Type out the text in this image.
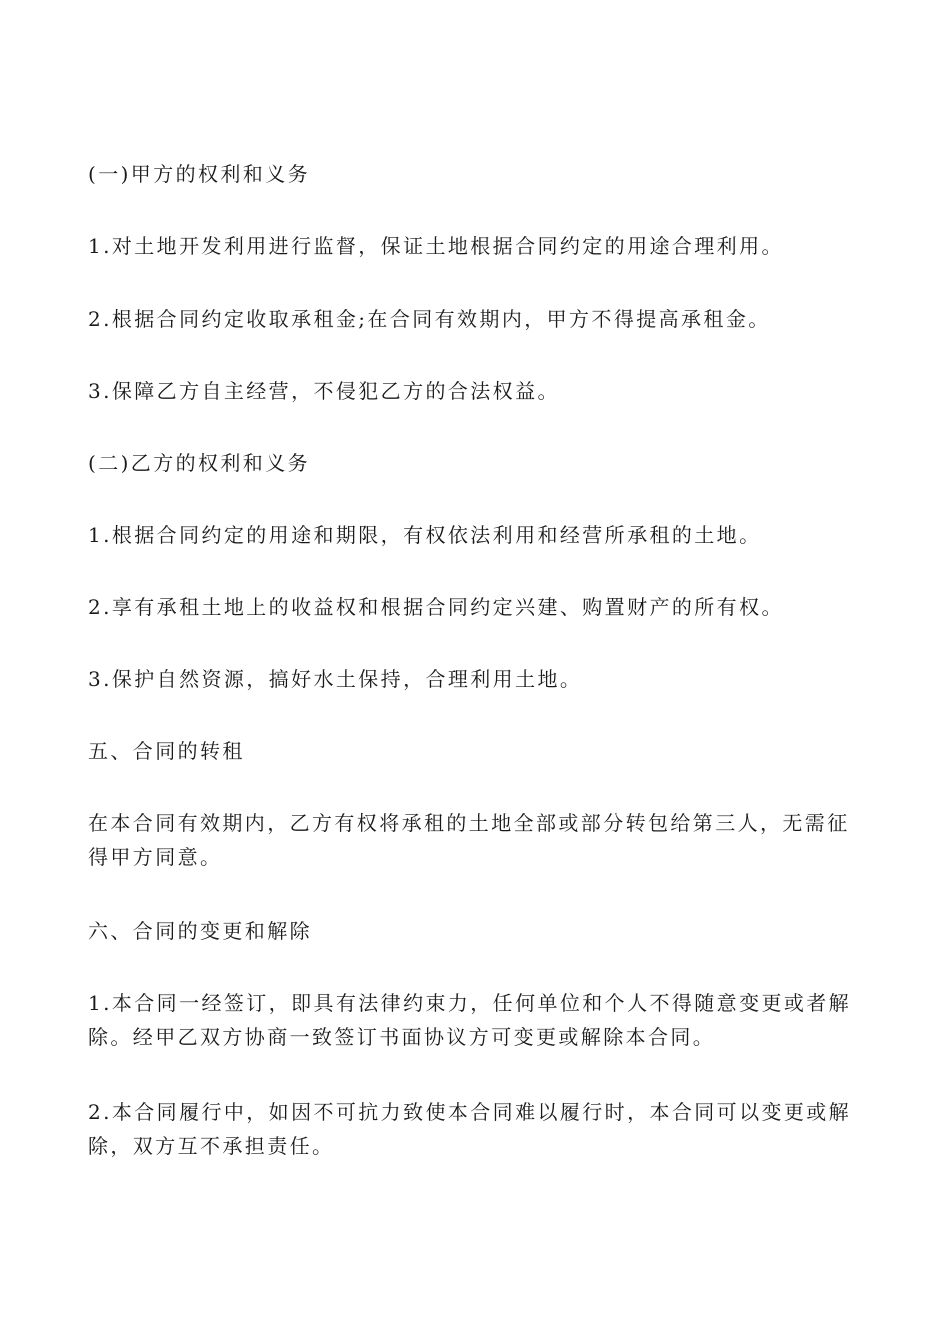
(一)甲方的权利和义务

1.对土地开发利用进行监督，保证土地根据合同约定的用途合理利用。

2.根据合同约定收取承租金;在合同有效期内，甲方不得提高承租金。

3.保障乙方自主经营，不侵犯乙方的合法权益。

(二)乙方的权利和义务

1.根据合同约定的用途和期限，有权依法利用和经营所承租的土地。

2.享有承租土地上的收益权和根据合同约定兴建、购置财产的所有权。

3.保护自然资源，搞好水土保持，合理利用土地。

五、合同的转租

在本合同有效期内，乙方有权将承租的土地全部或部分转包给第三人，无需征得甲方同意。

六、合同的变更和解除

1.本合同一经签订，即具有法律约束力，任何单位和个人不得随意变更或者解除。经甲乙双方协商一致签订书面协议方可变更或解除本合同。

2.本合同履行中，如因不可抗力致使本合同难以履行时，本合同可以变更或解除，双方互不承担责任。
